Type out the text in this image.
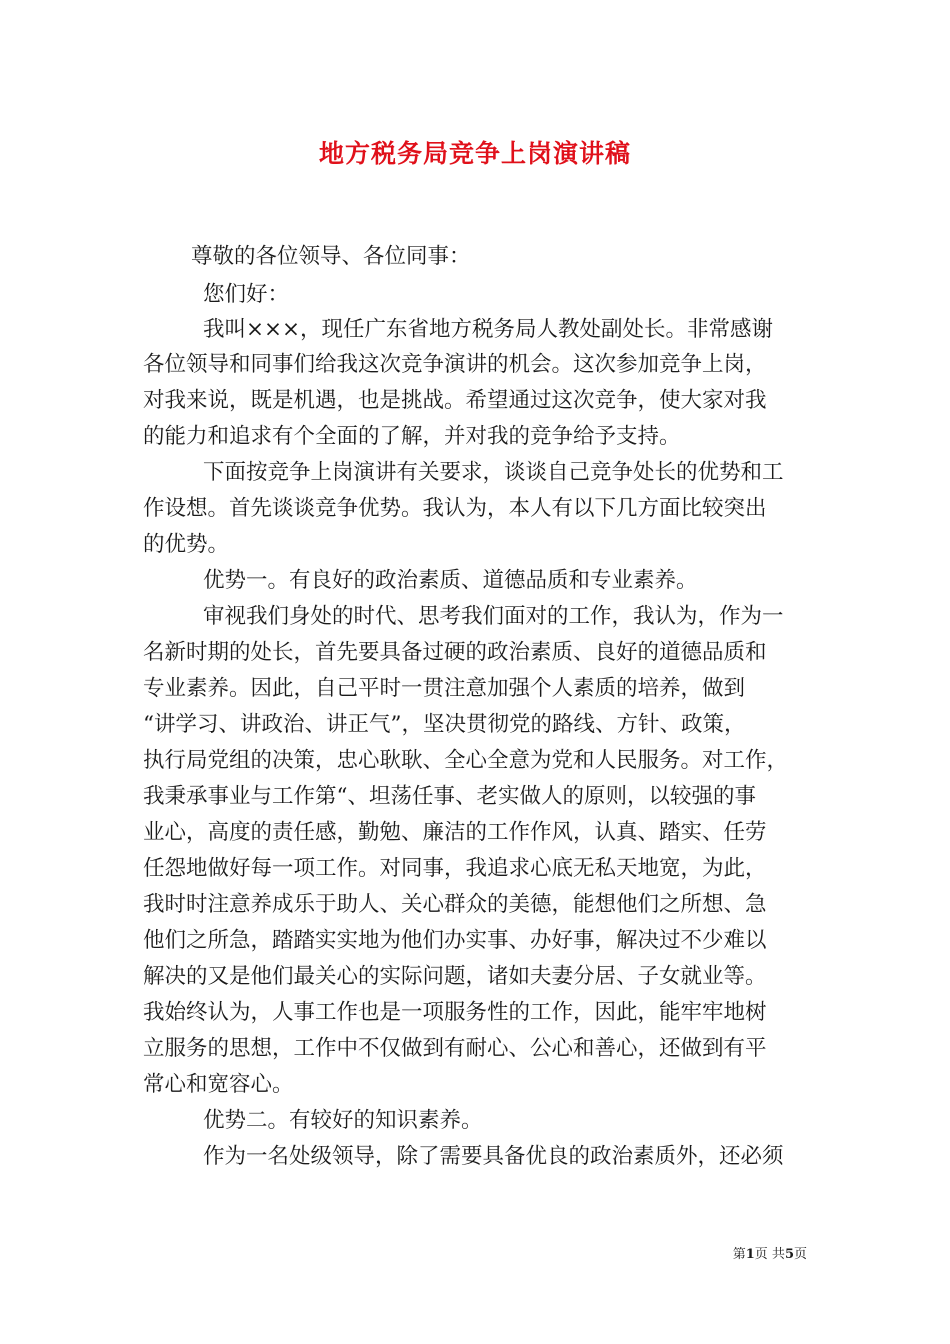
地方税务局竞争上岗演讲稿
尊敬的各位领导、各位同事：
您们好：
我叫×××，现任广东省地方税务局人教处副处长。非常感谢
各位领导和同事们给我这次竞争演讲的机会。这次参加竞争上岗，
对我来说，既是机遇，也是挑战。希望通过这次竞争，使大家对我
的能力和追求有个全面的了解，并对我的竞争给予支持。
下面按竞争上岗演讲有关要求，谈谈自己竞争处长的优势和工
作设想。首先谈谈竞争优势。我认为，本人有以下几方面比较突出
的优势。
优势一。有良好的政治素质、道德品质和专业素养。
审视我们身处的时代、思考我们面对的工作，我认为，作为一
名新时期的处长，首先要具备过硬的政治素质、良好的道德品质和
专业素养。因此，自己平时一贯注意加强个人素质的培养，做到
“讲学习、讲政治、讲正气”，坚决贯彻党的路线、方针、政策，
执行局党组的决策，忠心耿耿、全心全意为党和人民服务。对工作，
我秉承事业与工作第“、坦荡任事、老实做人的原则，以较强的事
业心，高度的责任感，勤勉、廉洁的工作作风，认真、踏实、任劳
任怨地做好每一项工作。对同事，我追求心底无私天地宽，为此，
我时时注意养成乐于助人、关心群众的美德，能想他们之所想、急
他们之所急，踏踏实实地为他们办实事、办好事，解决过不少难以
解决的又是他们最关心的实际问题，诸如夫妻分居、子女就业等。
我始终认为，人事工作也是一项服务性的工作，因此，能牢牢地树
立服务的思想，工作中不仅做到有耐心、公心和善心，还做到有平
常心和宽容心。
优势二。有较好的知识素养。
作为一名处级领导，除了需要具备优良的政治素质外，还必须
第1页 共5页
